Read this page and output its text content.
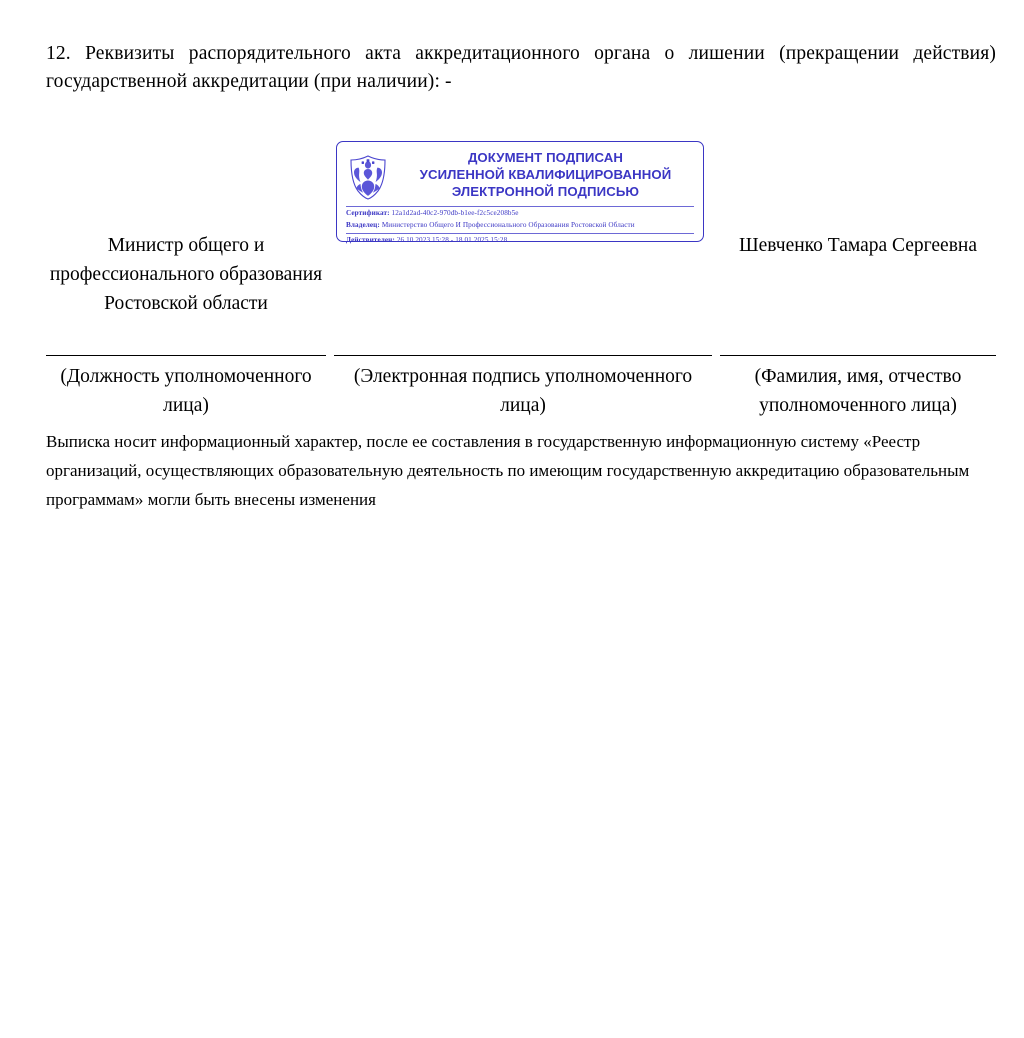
12. Реквизиты распорядительного акта аккредитационного органа о лишении (прекращении действия) государственной аккредитации (при наличии): -
ДОКУМЕНТ ПОДПИСАН
УСИЛЕННОЙ КВАЛИФИЦИРОВАННОЙ
ЭЛЕКТРОННОЙ ПОДПИСЬЮ
Сертификат: 12a1d2ad-40c2-970db-b1ee-f2c5ce208b5e
Владелец: Министерство Общего И Профессионального Образования Ростовской Области
Действителен: 26.10.2023 15:28 - 18.01.2025 15:28
Министр общего и профессионального образования Ростовской области
Шевченко Тамара Сергеевна
(Должность уполномоченного лица)
(Электронная подпись уполномоченного лица)
(Фамилия, имя, отчество уполномоченного лица)
Выписка носит информационный характер, после ее составления в государственную информационную систему «Реестр организаций, осуществляющих образовательную деятельность по имеющим государственную аккредитацию образовательным программам» могли быть внесены изменения
